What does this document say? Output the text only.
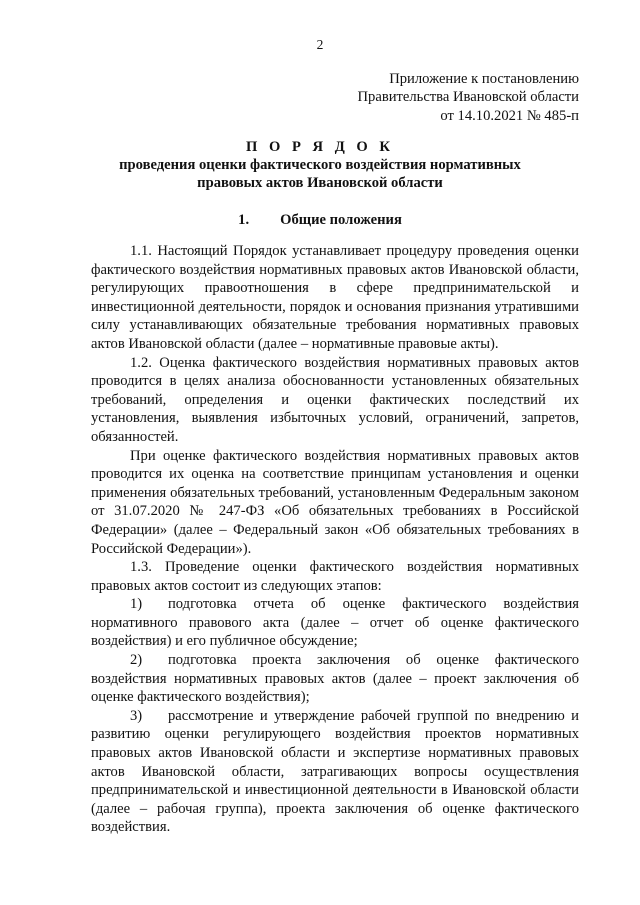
2
Приложение к постановлению
Правительства Ивановской области
от 14.10.2021 № 485-п
П О Р Я Д О К
проведения оценки фактического воздействия нормативных
правовых актов Ивановской области
1. Общие положения

1.1. Настоящий Порядок устанавливает процедуру проведения оценки фактического воздействия нормативных правовых актов Ивановской области, регулирующих правоотношения в сфере предпринимательской и инвестиционной деятельности, порядок и основания признания утратившими силу устанавливающих обязательные требования нормативных правовых актов Ивановской области (далее – нормативные правовые акты).

1.2. Оценка фактического воздействия нормативных правовых актов проводится в целях анализа обоснованности установленных обязательных требований, определения и оценки фактических последствий их установления, выявления избыточных условий, ограничений, запретов, обязанностей.

При оценке фактического воздействия нормативных правовых актов проводится их оценка на соответствие принципам установления и оценки применения обязательных требований, установленным Федеральным законом от 31.07.2020 № 247-ФЗ «Об обязательных требованиях в Российской Федерации» (далее – Федеральный закон «Об обязательных требованиях в Российской Федерации»).

1.3. Проведение оценки фактического воздействия нормативных правовых актов состоит из следующих этапов:

1) подготовка отчета об оценке фактического воздействия нормативного правового акта (далее – отчет об оценке фактического воздействия) и его публичное обсуждение;

2) подготовка проекта заключения об оценке фактического воздействия нормативных правовых актов (далее – проект заключения об оценке фактического воздействия);

3) рассмотрение и утверждение рабочей группой по внедрению и развитию оценки регулирующего воздействия проектов нормативных правовых актов Ивановской области и экспертизе нормативных правовых актов Ивановской области, затрагивающих вопросы осуществления предпринимательской и инвестиционной деятельности в Ивановской области (далее – рабочая группа), проекта заключения об оценке фактического воздействия.
